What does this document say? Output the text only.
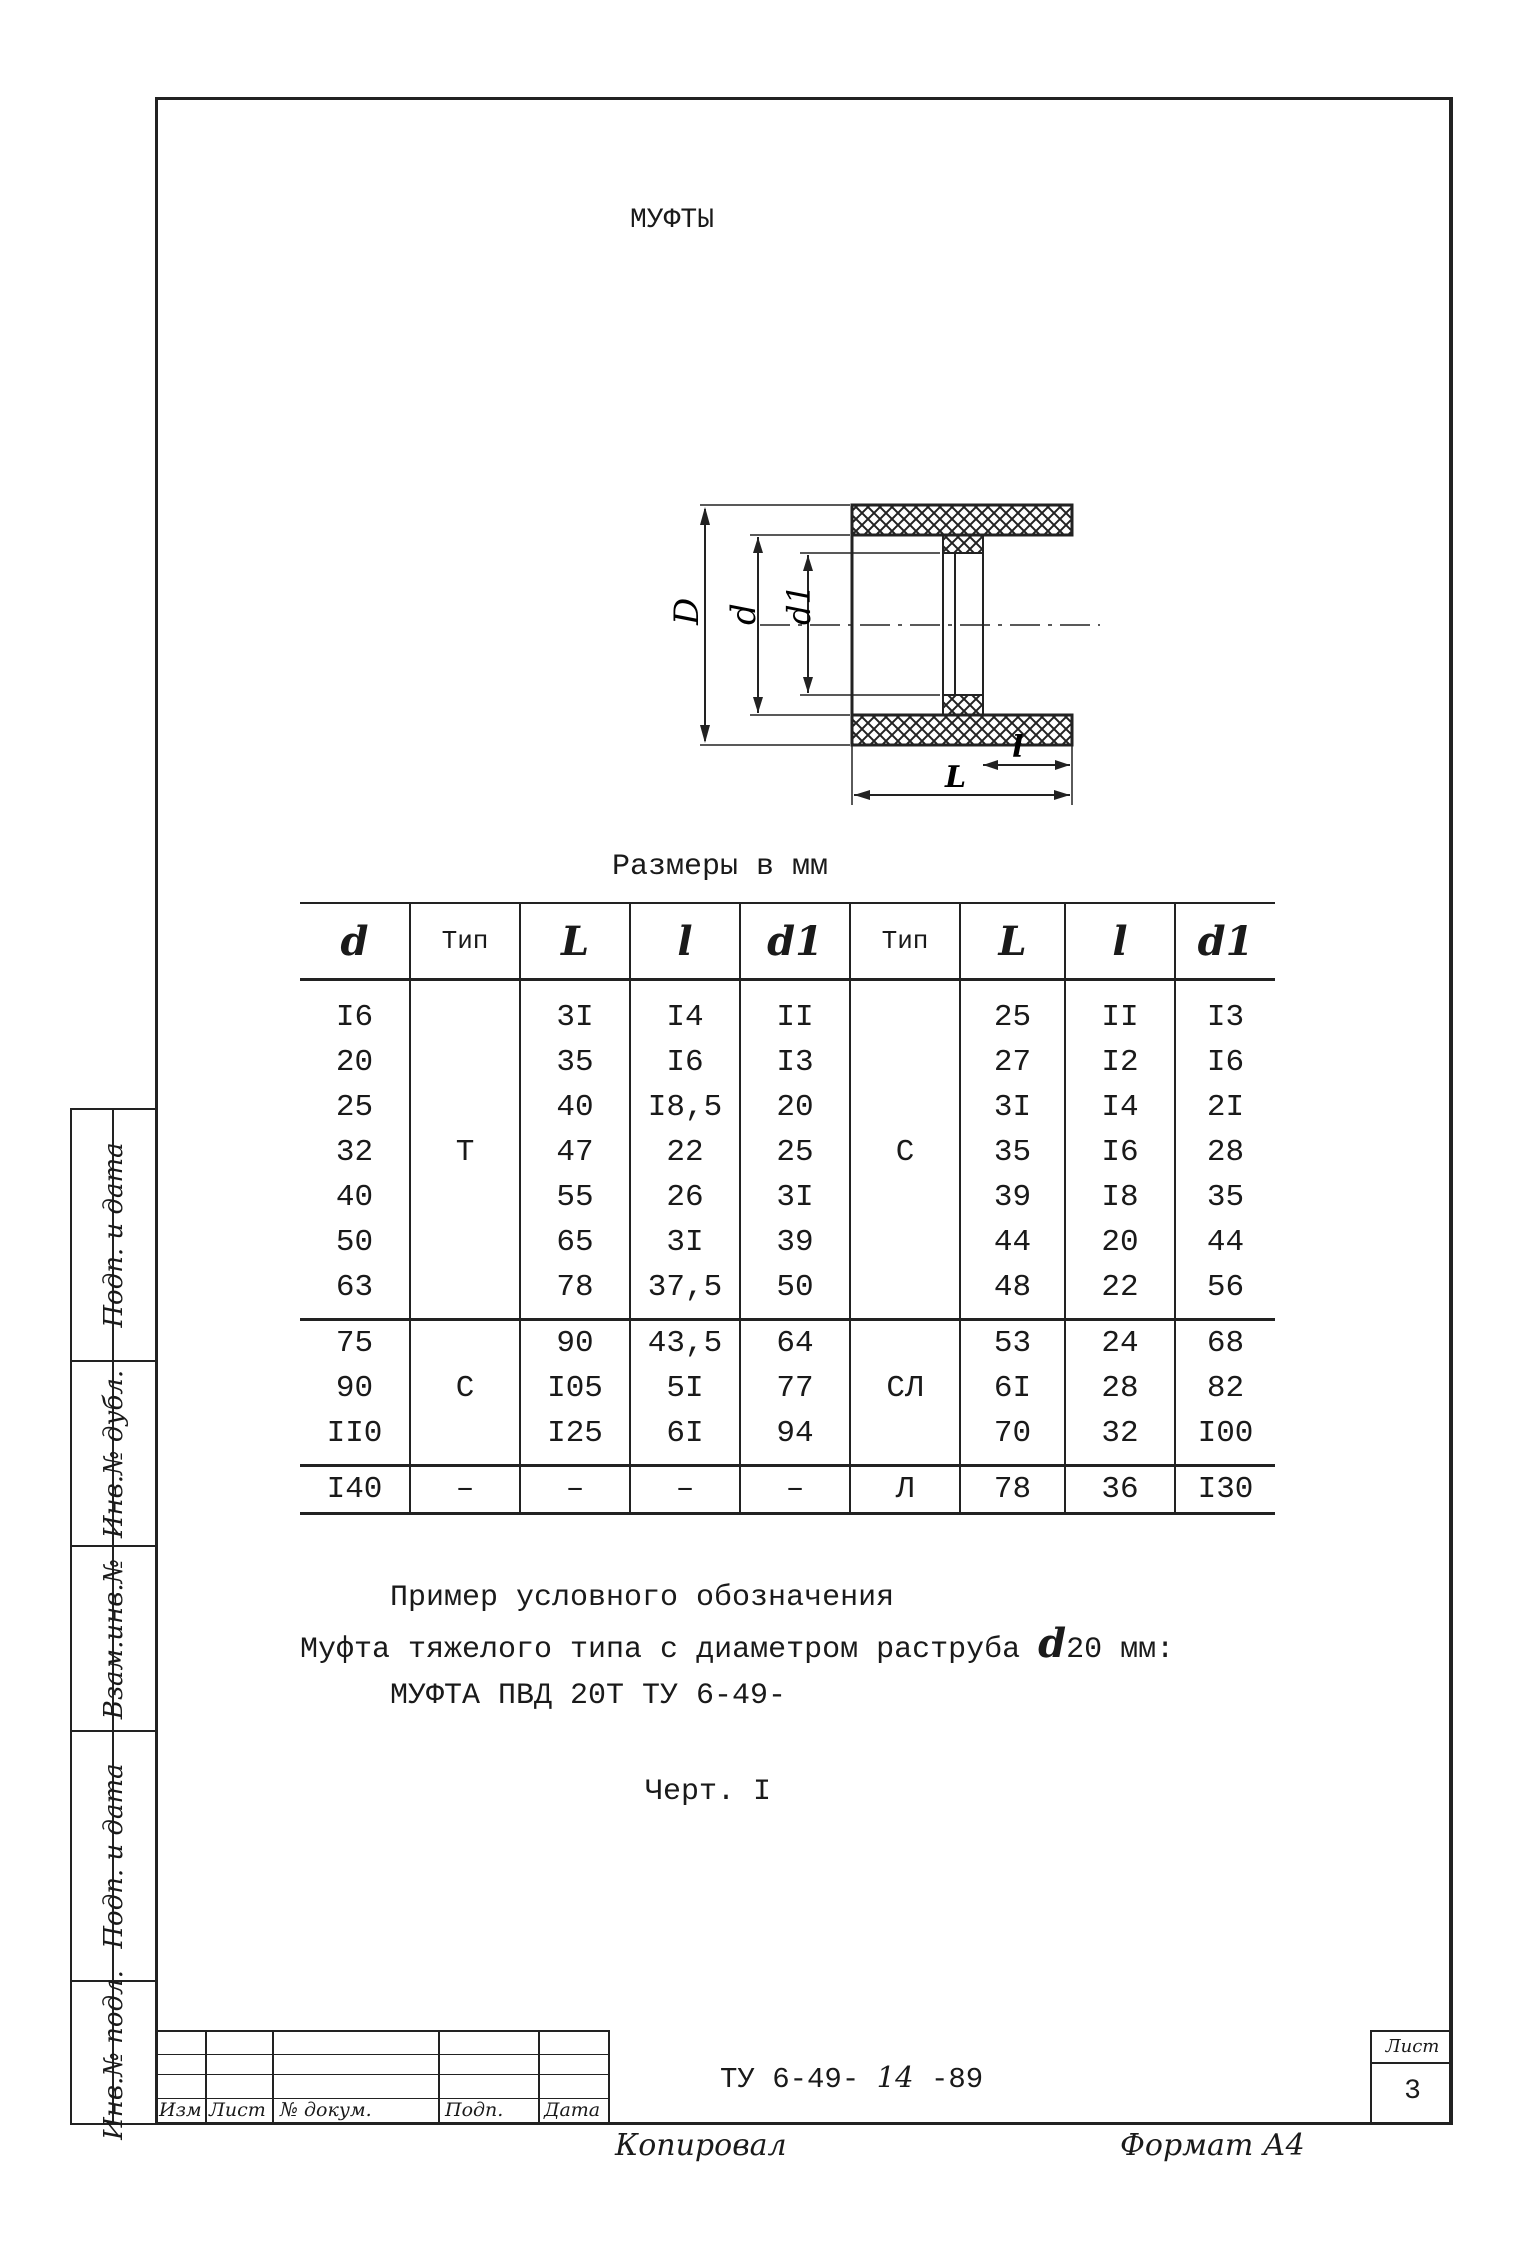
Подп. и дата
Инв.№ дубл.
Взам.инв.№
Подп. и дата
Инв.№ подл.
МУФТЫ
D d d1
L
l
Размеры в мм
d	Тип	L	l	d1	Тип	L	l	d1
I6		3I	I4	II		25	II	I3
20		35	I6	I3		27	I2	I6
25		40	I8,5	20		3I	I4	2I
32	Т	47	22	25	С	35	I6	28
40		55	26	3I		39	I8	35
50		65	3I	39		44	20	44
63		78	37,5	50		48	22	56
75		90	43,5	64		53	24	68
90	С	I05	5I	77	СЛ	6I	28	82
II0		I25	6I	94		70	32	I00
I40	–	–	–	–	Л	78	36	I30
Пример условного обозначения
Муфта тяжелого типа с диаметром раструба d20 мм:
МУФТА ПВД 20Т ТУ 6-49-
Черт. I
Изм Лист № докум.	Подп. Дата
ТУ 6-49- 14 -89
Лист
3
Копировал	Формат А4
